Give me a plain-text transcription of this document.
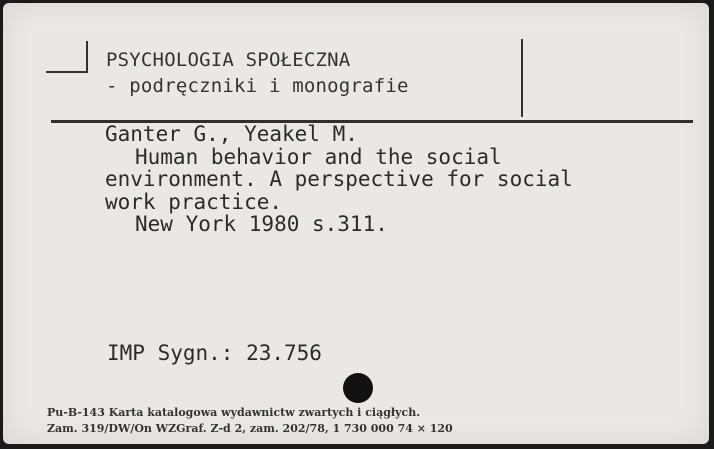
PSYCHOLOGIA SPOŁECZNA
- podręczniki i monografie
Ganter G., Yeakel M.
Human behavior and the social
environment. A perspective for social
work practice.
New York 1980 s.311.
IMP Sygn.: 23.756
Pu-B-143 Karta katalogowa wydawnictw zwartych i ciągłych.
Zam. 319/DW/On WZGraf. Z-d 2, zam. 202/78, 1 730 000 74 × 120
